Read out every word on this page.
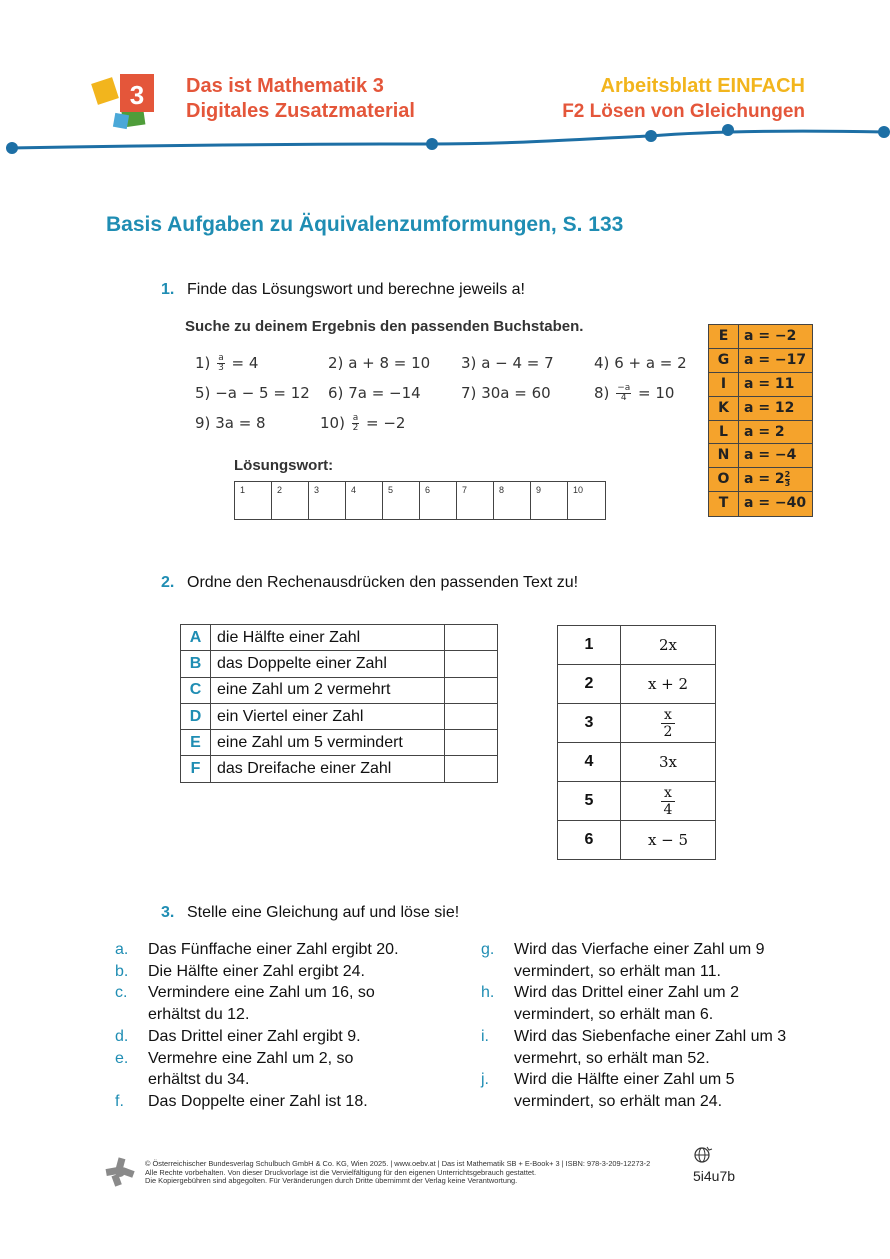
3 Das ist Mathematik 3
Digitales Zusatzmaterial
Arbeitsblatt EINFACH
F2 Lösen von Gleichungen
Basis Aufgaben zu Äquivalenzumformungen, S. 133
1. Finde das Lösungswort und berechne jeweils a!
Suche zu deinem Ergebnis den passenden Buchstaben.
$1) \frac{a}{3} = 4$	2) a + 8 = 10 3) a − 4 = 7	4) 6 + a = 2
5) −a − 5 = 12 6) 7a = −14	7) 30a = 60	$8) \frac{-a}{4} = 10$
9) 3a = 8	$10) \frac{a}{2} = -2$
Lösungswort:
1	2	3	4	5	6	7	8	9	10
E	a = −2
G	a = −17
I	a = 11
K	a = 12
L	a = 2
N	a = −4
O	$a = 2 \frac{2}{3}$
T	a = −40
2. Ordne den Rechenausdrücken den passenden Text zu!
A	die Hälfte einer Zahl	
B	das Doppelte einer Zahl	
C	eine Zahl um 2 vermehrt	
D	ein Viertel einer Zahl	
E	eine Zahl um 5 vermindert	
F	das Dreifache einer Zahl	
1	2x
2	x + 2
3	$\frac{x}{2}$

4	3x
5	$\frac{x}{4}$

6	x − 5
3. Stelle eine Gleichung auf und löse sie!
a.	Das Fünffache einer Zahl ergibt 20.
b.	Die Hälfte einer Zahl ergibt 24.
c.	Vermindere eine Zahl um 16, so erhältst du 12.
d.	Das Drittel einer Zahl ergibt 9.
e.	Vermehre eine Zahl um 2, so erhältst du 34.
f.	Das Doppelte einer Zahl ist 18.
g.	Wird das Vierfache einer Zahl um 9 vermindert, so erhält man 11.
h.	Wird das Drittel einer Zahl um 2 vermindert, so erhält man 6.
i.	Wird das Siebenfache einer Zahl um 3 vermehrt, so erhält man 52.
j.	Wird die Hälfte einer Zahl um 5 vermindert, so erhält man 24.
© Österreichischer Bundesverlag Schulbuch GmbH & Co. KG, Wien 2025. | www.oebv.at | Das ist Mathematik SB + E-Book+ 3 | ISBN: 978-3-209-12273-2
Alle Rechte vorbehalten. Von dieser Druckvorlage ist die Vervielfältigung für den eigenen Unterrichtsgebrauch gestattet.
Die Kopiergebühren sind abgegolten. Für Veränderungen durch Dritte übernimmt der Verlag keine Verantwortung.	5i4u7b
